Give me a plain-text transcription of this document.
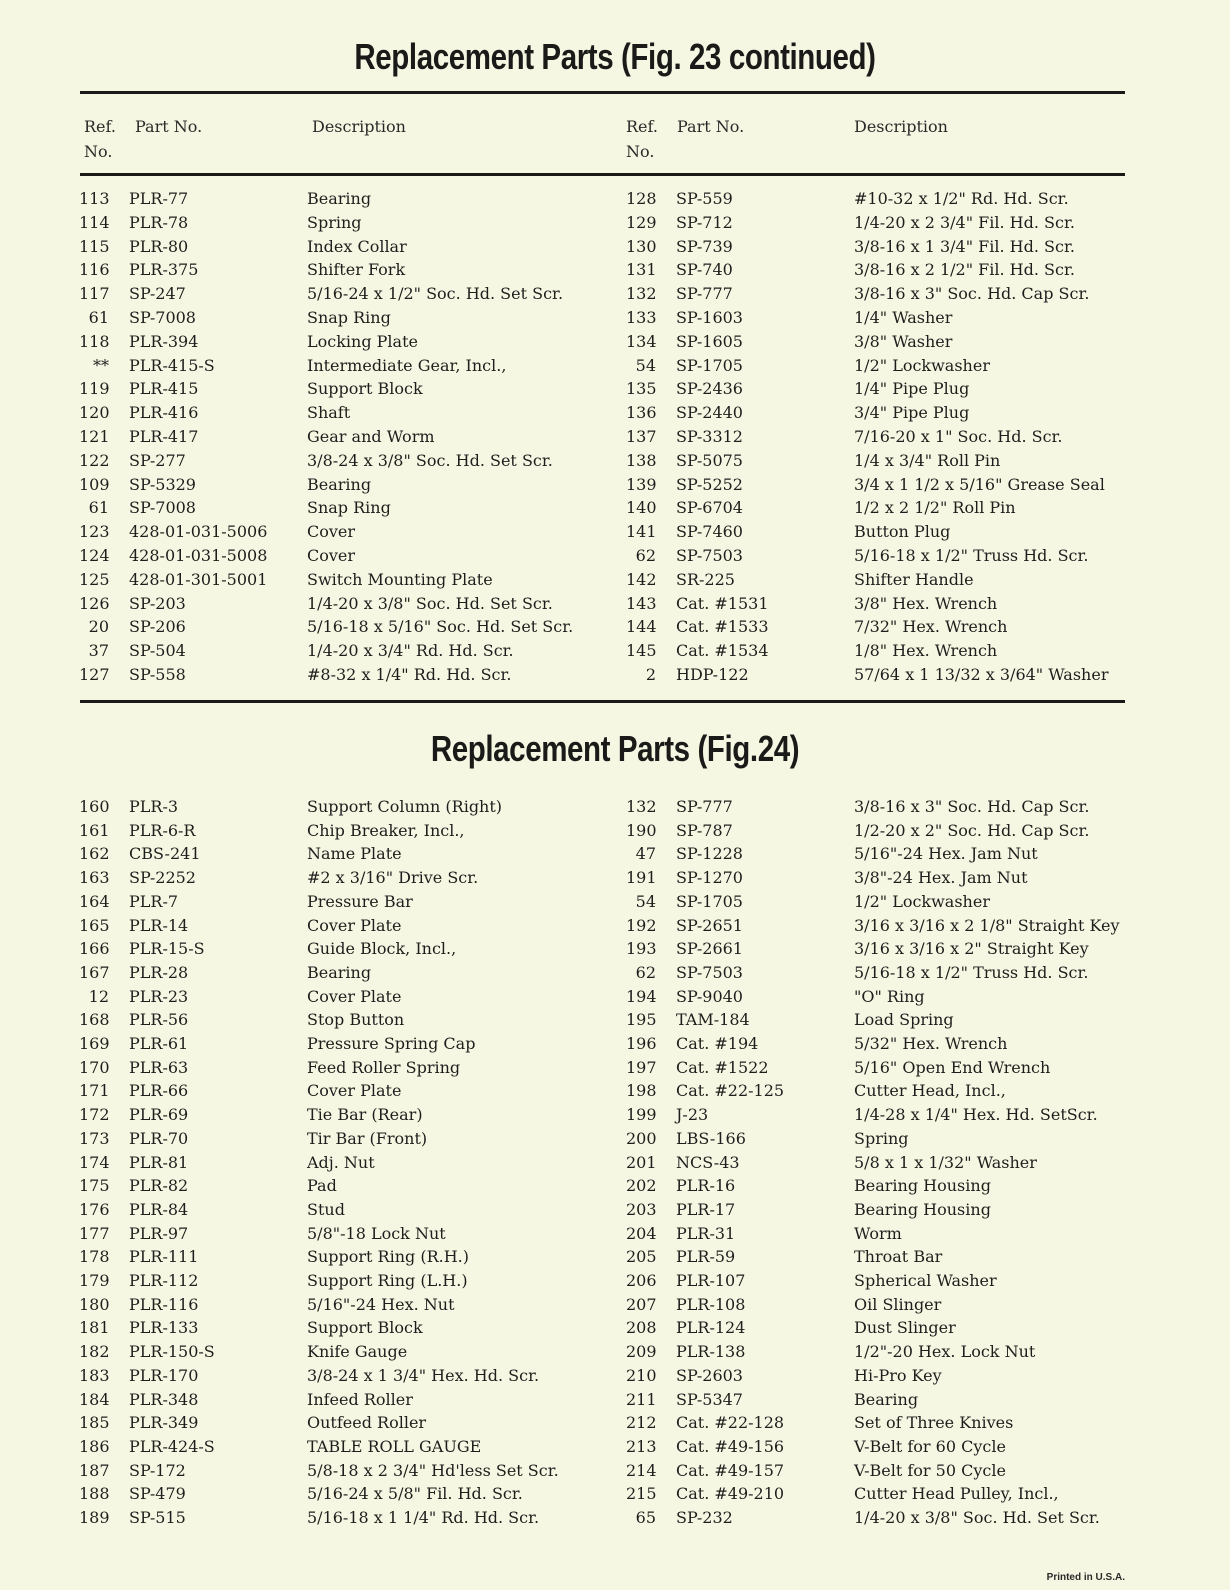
Replacement Parts (Fig. 23 continued)
Ref.
No.
Part No.	Description	Ref.
No.
Part No.	Description
113 PLR-77	Bearing
114 PLR-78	Spring
115 PLR-80	Index Collar
116 PLR-375	Shifter Fork
117 SP-247	5/16-24 x 1/2" Soc. Hd. Set Scr.
61 SP-7008	Snap Ring
118 PLR-394	Locking Plate
** PLR-415-S	Intermediate Gear, Incl.,
119 PLR-415	Support Block
120 PLR-416	Shaft
121 PLR-417	Gear and Worm
122 SP-277	3/8-24 x 3/8" Soc. Hd. Set Scr.
109 SP-5329	Bearing
61 SP-7008	Snap Ring
123 428-01-031-5006 Cover
124 428-01-031-5008 Cover
125 428-01-301-5001 Switch Mounting Plate
126 SP-203	1/4-20 x 3/8" Soc. Hd. Set Scr.
20 SP-206	5/16-18 x 5/16" Soc. Hd. Set Scr.
37 SP-504	1/4-20 x 3/4" Rd. Hd. Scr.
127 SP-558	#8-32 x 1/4" Rd. Hd. Scr.
128 SP-559	#10-32 x 1/2" Rd. Hd. Scr.
129 SP-712	1/4-20 x 2 3/4" Fil. Hd. Scr.
130 SP-739	3/8-16 x 1 3/4" Fil. Hd. Scr.
131 SP-740	3/8-16 x 2 1/2" Fil. Hd. Scr.
132 SP-777	3/8-16 x 3" Soc. Hd. Cap Scr.
133 SP-1603	1/4" Washer
134 SP-1605	3/8" Washer
54 SP-1705	1/2" Lockwasher
135 SP-2436	1/4" Pipe Plug
136 SP-2440	3/4" Pipe Plug
137 SP-3312	7/16-20 x 1" Soc. Hd. Scr.
138 SP-5075	1/4 x 3/4" Roll Pin
139 SP-5252	3/4 x 1 1/2 x 5/16" Grease Seal
140 SP-6704	1/2 x 2 1/2" Roll Pin
141 SP-7460	Button Plug
62 SP-7503	5/16-18 x 1/2" Truss Hd. Scr.
142 SR-225	Shifter Handle
143 Cat. #1531	3/8" Hex. Wrench
144 Cat. #1533	7/32" Hex. Wrench
145 Cat. #1534	1/8" Hex. Wrench
2 HDP-122	57/64 x 1 13/32 x 3/64" Washer
Replacement Parts (Fig.24)
160 PLR-3	Support Column (Right)
161 PLR-6-R	Chip Breaker, Incl.,
162 CBS-241	Name Plate
163 SP-2252	#2 x 3/16" Drive Scr.
164 PLR-7	Pressure Bar
165 PLR-14	Cover Plate
166 PLR-15-S	Guide Block, Incl.,
167 PLR-28	Bearing
12 PLR-23	Cover Plate
168 PLR-56	Stop Button
169 PLR-61	Pressure Spring Cap
170 PLR-63	Feed Roller Spring
171 PLR-66	Cover Plate
172 PLR-69	Tie Bar (Rear)
173 PLR-70	Tir Bar (Front)
174 PLR-81	Adj. Nut
175 PLR-82	Pad
176 PLR-84	Stud
177 PLR-97	5/8"-18 Lock Nut
178 PLR-111	Support Ring (R.H.)
179 PLR-112	Support Ring (L.H.)
180 PLR-116	5/16"-24 Hex. Nut
181 PLR-133	Support Block
182 PLR-150-S	Knife Gauge
183 PLR-170	3/8-24 x 1 3/4" Hex. Hd. Scr.
184 PLR-348	Infeed Roller
185 PLR-349	Outfeed Roller
186 PLR-424-S	TABLE ROLL GAUGE
187 SP-172	5/8-18 x 2 3/4" Hd'less Set Scr.
188 SP-479	5/16-24 x 5/8" Fil. Hd. Scr.
189 SP-515	5/16-18 x 1 1/4" Rd. Hd. Scr.
132 SP-777	3/8-16 x 3" Soc. Hd. Cap Scr.
190 SP-787	1/2-20 x 2" Soc. Hd. Cap Scr.
47 SP-1228	5/16"-24 Hex. Jam Nut
191 SP-1270	3/8"-24 Hex. Jam Nut
54 SP-1705	1/2" Lockwasher
192 SP-2651	3/16 x 3/16 x 2 1/8" Straight Key
193 SP-2661	3/16 x 3/16 x 2" Straight Key
62 SP-7503	5/16-18 x 1/2" Truss Hd. Scr.
194 SP-9040	"O" Ring
195 TAM-184	Load Spring
196 Cat. #194	5/32" Hex. Wrench
197 Cat. #1522	5/16" Open End Wrench
198 Cat. #22-125	Cutter Head, Incl.,
199 J-23	1/4-28 x 1/4" Hex. Hd. SetScr.
200 LBS-166	Spring
201 NCS-43	5/8 x 1 x 1/32" Washer
202 PLR-16	Bearing Housing
203 PLR-17	Bearing Housing
204 PLR-31	Worm
205 PLR-59	Throat Bar
206 PLR-107	Spherical Washer
207 PLR-108	Oil Slinger
208 PLR-124	Dust Slinger
209 PLR-138	1/2"-20 Hex. Lock Nut
210 SP-2603	Hi-Pro Key
211 SP-5347	Bearing
212 Cat. #22-128	Set of Three Knives
213 Cat. #49-156	V-Belt for 60 Cycle
214 Cat. #49-157	V-Belt for 50 Cycle
215 Cat. #49-210	Cutter Head Pulley, Incl.,
65 SP-232	1/4-20 x 3/8" Soc. Hd. Set Scr.
Printed in U.S.A.
